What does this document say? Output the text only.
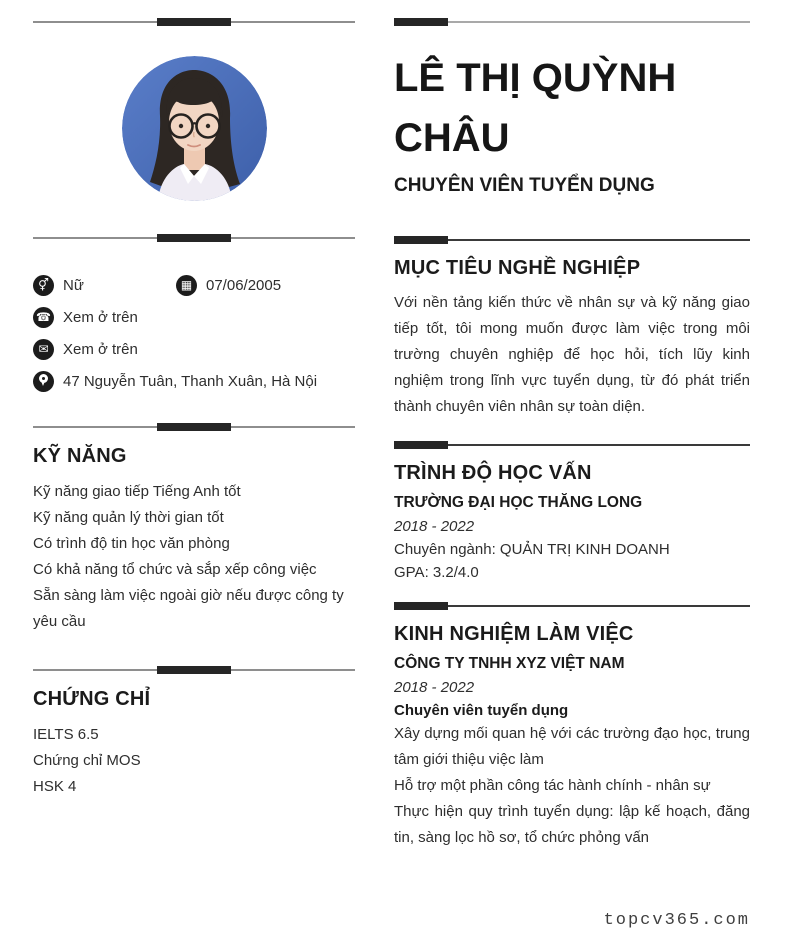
⚥ Nữ	▦ 07/06/2005
☎ Xem ở trên
✉ Xem ở trên
47 Nguyễn Tuân, Thanh Xuân, Hà Nội
KỸ NĂNG

Kỹ năng giao tiếp Tiếng Anh tốt

Kỹ năng quản lý thời gian tốt

Có trình độ tin học văn phòng

Có khả năng tổ chức và sắp xếp công việc

Sẵn sàng làm việc ngoài giờ nếu được công ty yêu cầu

CHỨNG CHỈ

IELTS 6.5

Chứng chỉ MOS

HSK 4

LÊ THỊ QUỲNH CHÂU
CHUYÊN VIÊN TUYỂN DỤNG
MỤC TIÊU NGHỀ NGHIỆP

Với nền tảng kiến thức về nhân sự và kỹ năng giao tiếp tốt, tôi mong muốn được làm việc trong môi trường chuyên nghiệp để học hỏi, tích lũy kinh nghiệm trong lĩnh vực tuyển dụng, từ đó phát triển thành chuyên viên nhân sự toàn diện.

TRÌNH ĐỘ HỌC VẤN
TRƯỜNG ĐẠI HỌC THĂNG LONG
2018 - 2022
Chuyên ngành: QUẢN TRỊ KINH DOANH
GPA: 3.2/4.0
KINH NGHIỆM LÀM VIỆC
CÔNG TY TNHH XYZ VIỆT NAM
2018 - 2022
Chuyên viên tuyển dụng

Xây dựng mối quan hệ với các trường đạo học, trung tâm giới thiệu việc làm

Hỗ trợ một phần công tác hành chính - nhân sự

Thực hiện quy trình tuyển dụng: lập kế hoạch, đăng tin, sàng lọc hồ sơ, tổ chức phỏng vấn

topcv365.com
